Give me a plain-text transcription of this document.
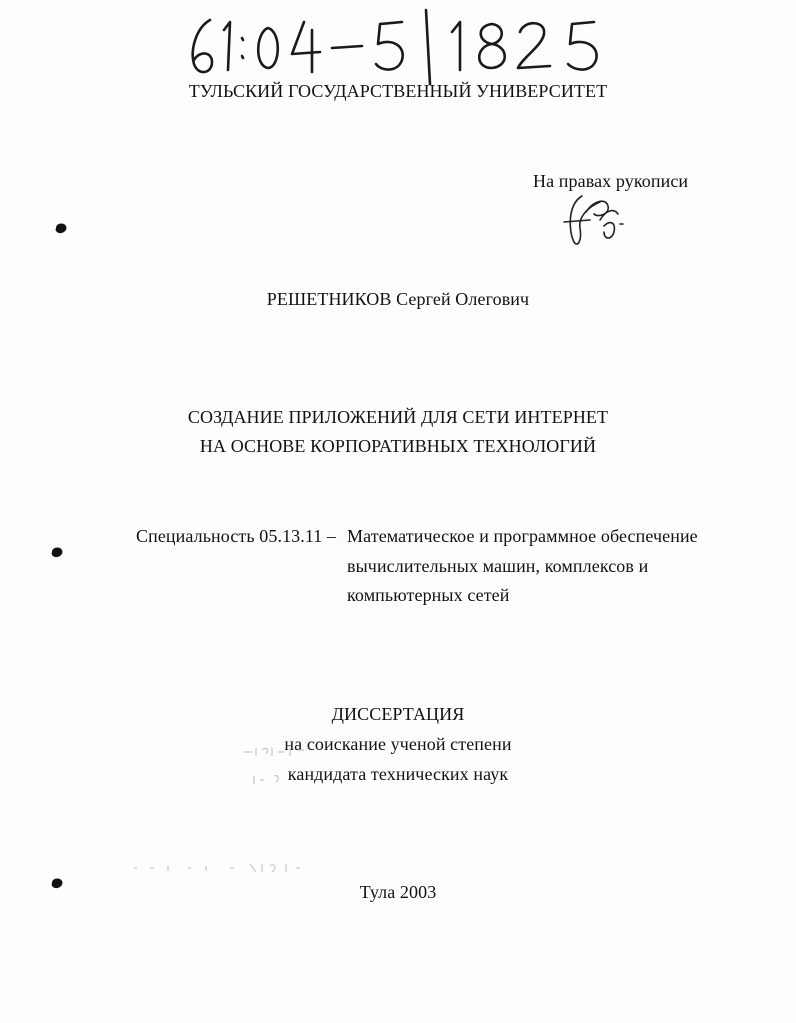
ТУЛЬСКИЙ ГОСУДАРСТВЕННЫЙ УНИВЕРСИТЕТ
На правах рукописи
РЕШЕТНИКОВ Сергей Олегович
СОЗДАНИЕ ПРИЛОЖЕНИЙ ДЛЯ СЕТИ ИНТЕРНЕТ
НА ОСНОВЕ КОРПОРАТИВНЫХ ТЕХНОЛОГИЙ
Специальность 05.13.11 – Математическое и программное обеспечение
вычислительных машин, комплексов и
компьютерных сетей
ДИССЕРТАЦИЯ
на соискание ученой степени
кандидата технических наук
Тула 2003
